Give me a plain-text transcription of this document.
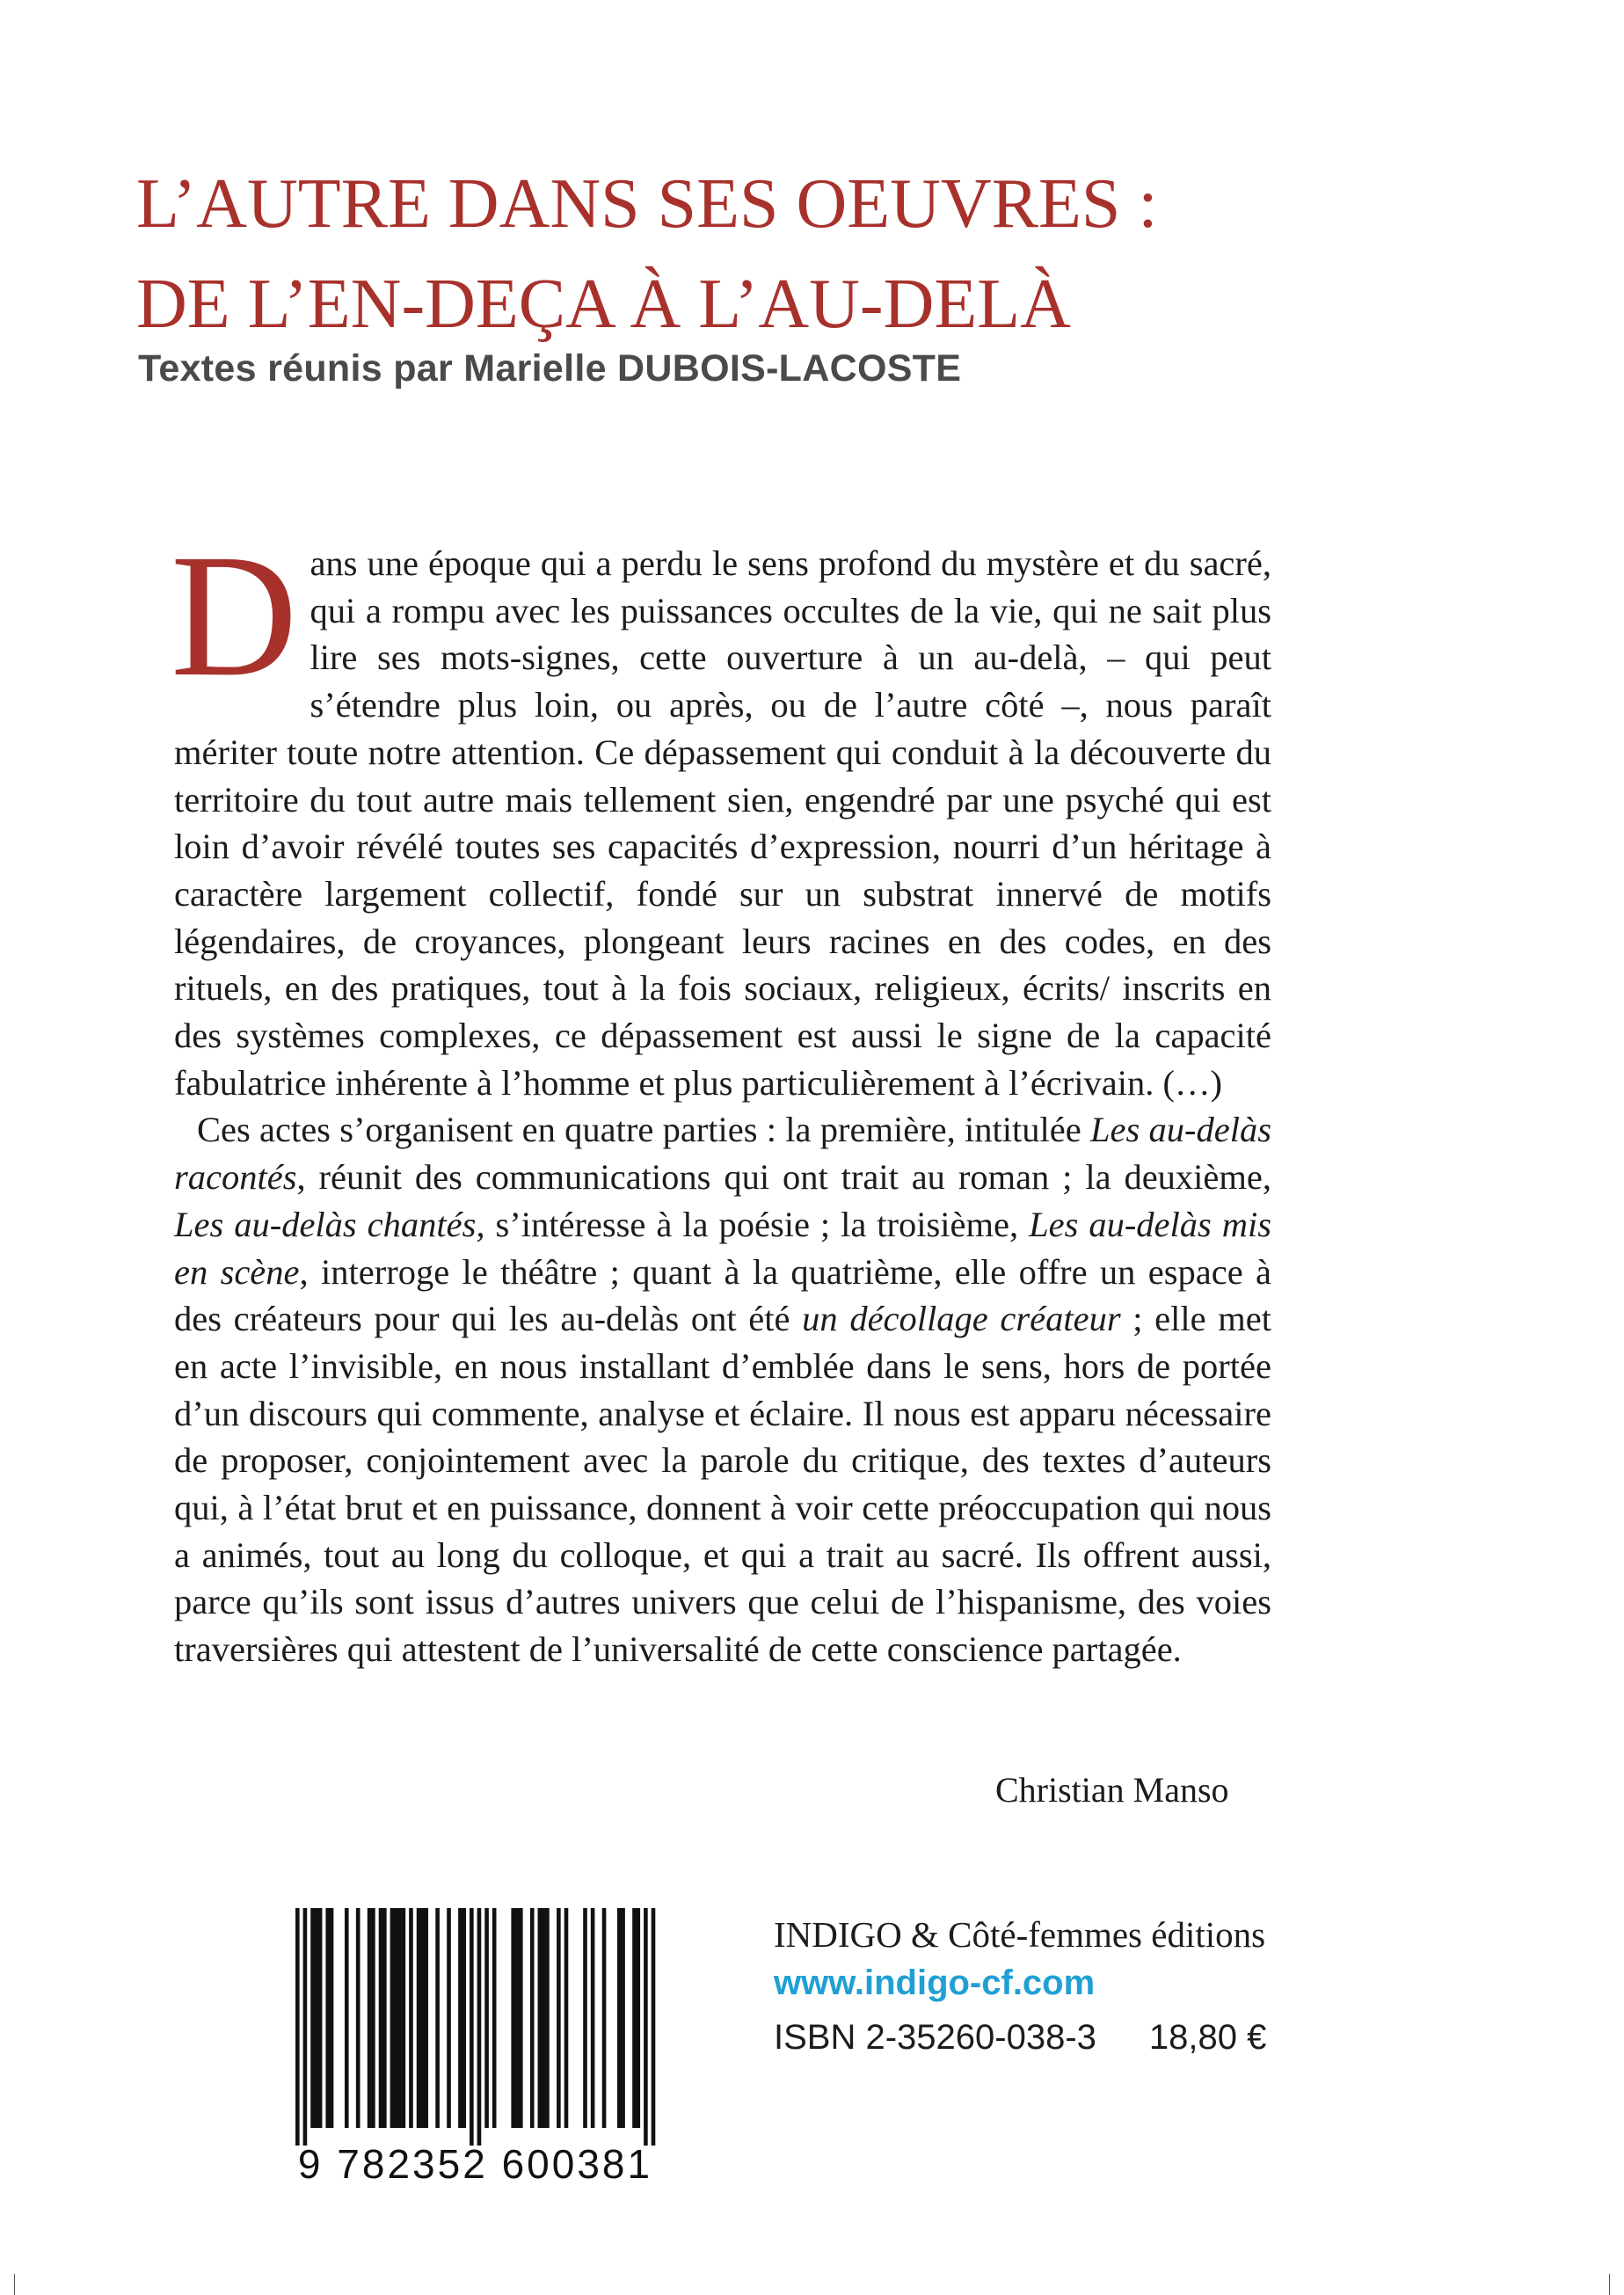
L’AUTRE DANS SES OEUVRES :
DE L’EN-DEÇA À L’AU-DELÀ
Textes réunis par Marielle DUBOIS-LACOSTE

Dans une époque qui a perdu le sens profond du mystère et du sacré, qui a rompu avec les puissances occultes de la vie, qui ne sait plus lire ses mots-signes, cette ouverture à un au-delà, – qui peut s’étendre plus loin, ou après, ou de l’autre côté –, nous paraît mériter toute notre attention. Ce dépassement qui conduit à la découverte du territoire du tout autre mais tellement sien, engendré par une psyché qui est loin d’avoir révélé toutes ses capacités d’expression, nourri d’un héritage à caractère largement collectif, fondé sur un substrat innervé de motifs légendaires, de croyances, plongeant leurs racines en des codes, en des rituels, en des pratiques, tout à la fois sociaux, religieux, écrits/ inscrits en des systèmes complexes, ce dépassement est aussi le signe de la capacité fabulatrice inhérente à l’homme et plus particulièrement à l’écrivain. (…)

Ces actes s’organisent en quatre parties : la première, intitulée Les au-delàs racontés, réunit des communications qui ont trait au roman ; la deuxième, Les au-delàs chantés, s’intéresse à la poésie ; la troisième, Les au-delàs mis en scène, interroge le théâtre ; quant à la quatrième, elle offre un espace à des créateurs pour qui les au-delàs ont été un décollage créateur ; elle met en acte l’invisible, en nous installant d’emblée dans le sens, hors de portée d’un discours qui commente, analyse et éclaire. Il nous est apparu nécessaire de proposer, conjointement avec la parole du critique, des textes d’auteurs qui, à l’état brut et en puissance, donnent à voir cette préoccupation qui nous a animés, tout au long du colloque, et qui a trait au sacré. Ils offrent aussi, parce qu’ils sont issus d’autres univers que celui de l’hispanisme, des voies traversières qui attestent de l’universalité de cette conscience partagée.

Christian Manso

9 782352 600381

INDIGO & Côté-femmes éditions

www.indigo-cf.com

ISBN 2-35260-038-3 18,80 €
